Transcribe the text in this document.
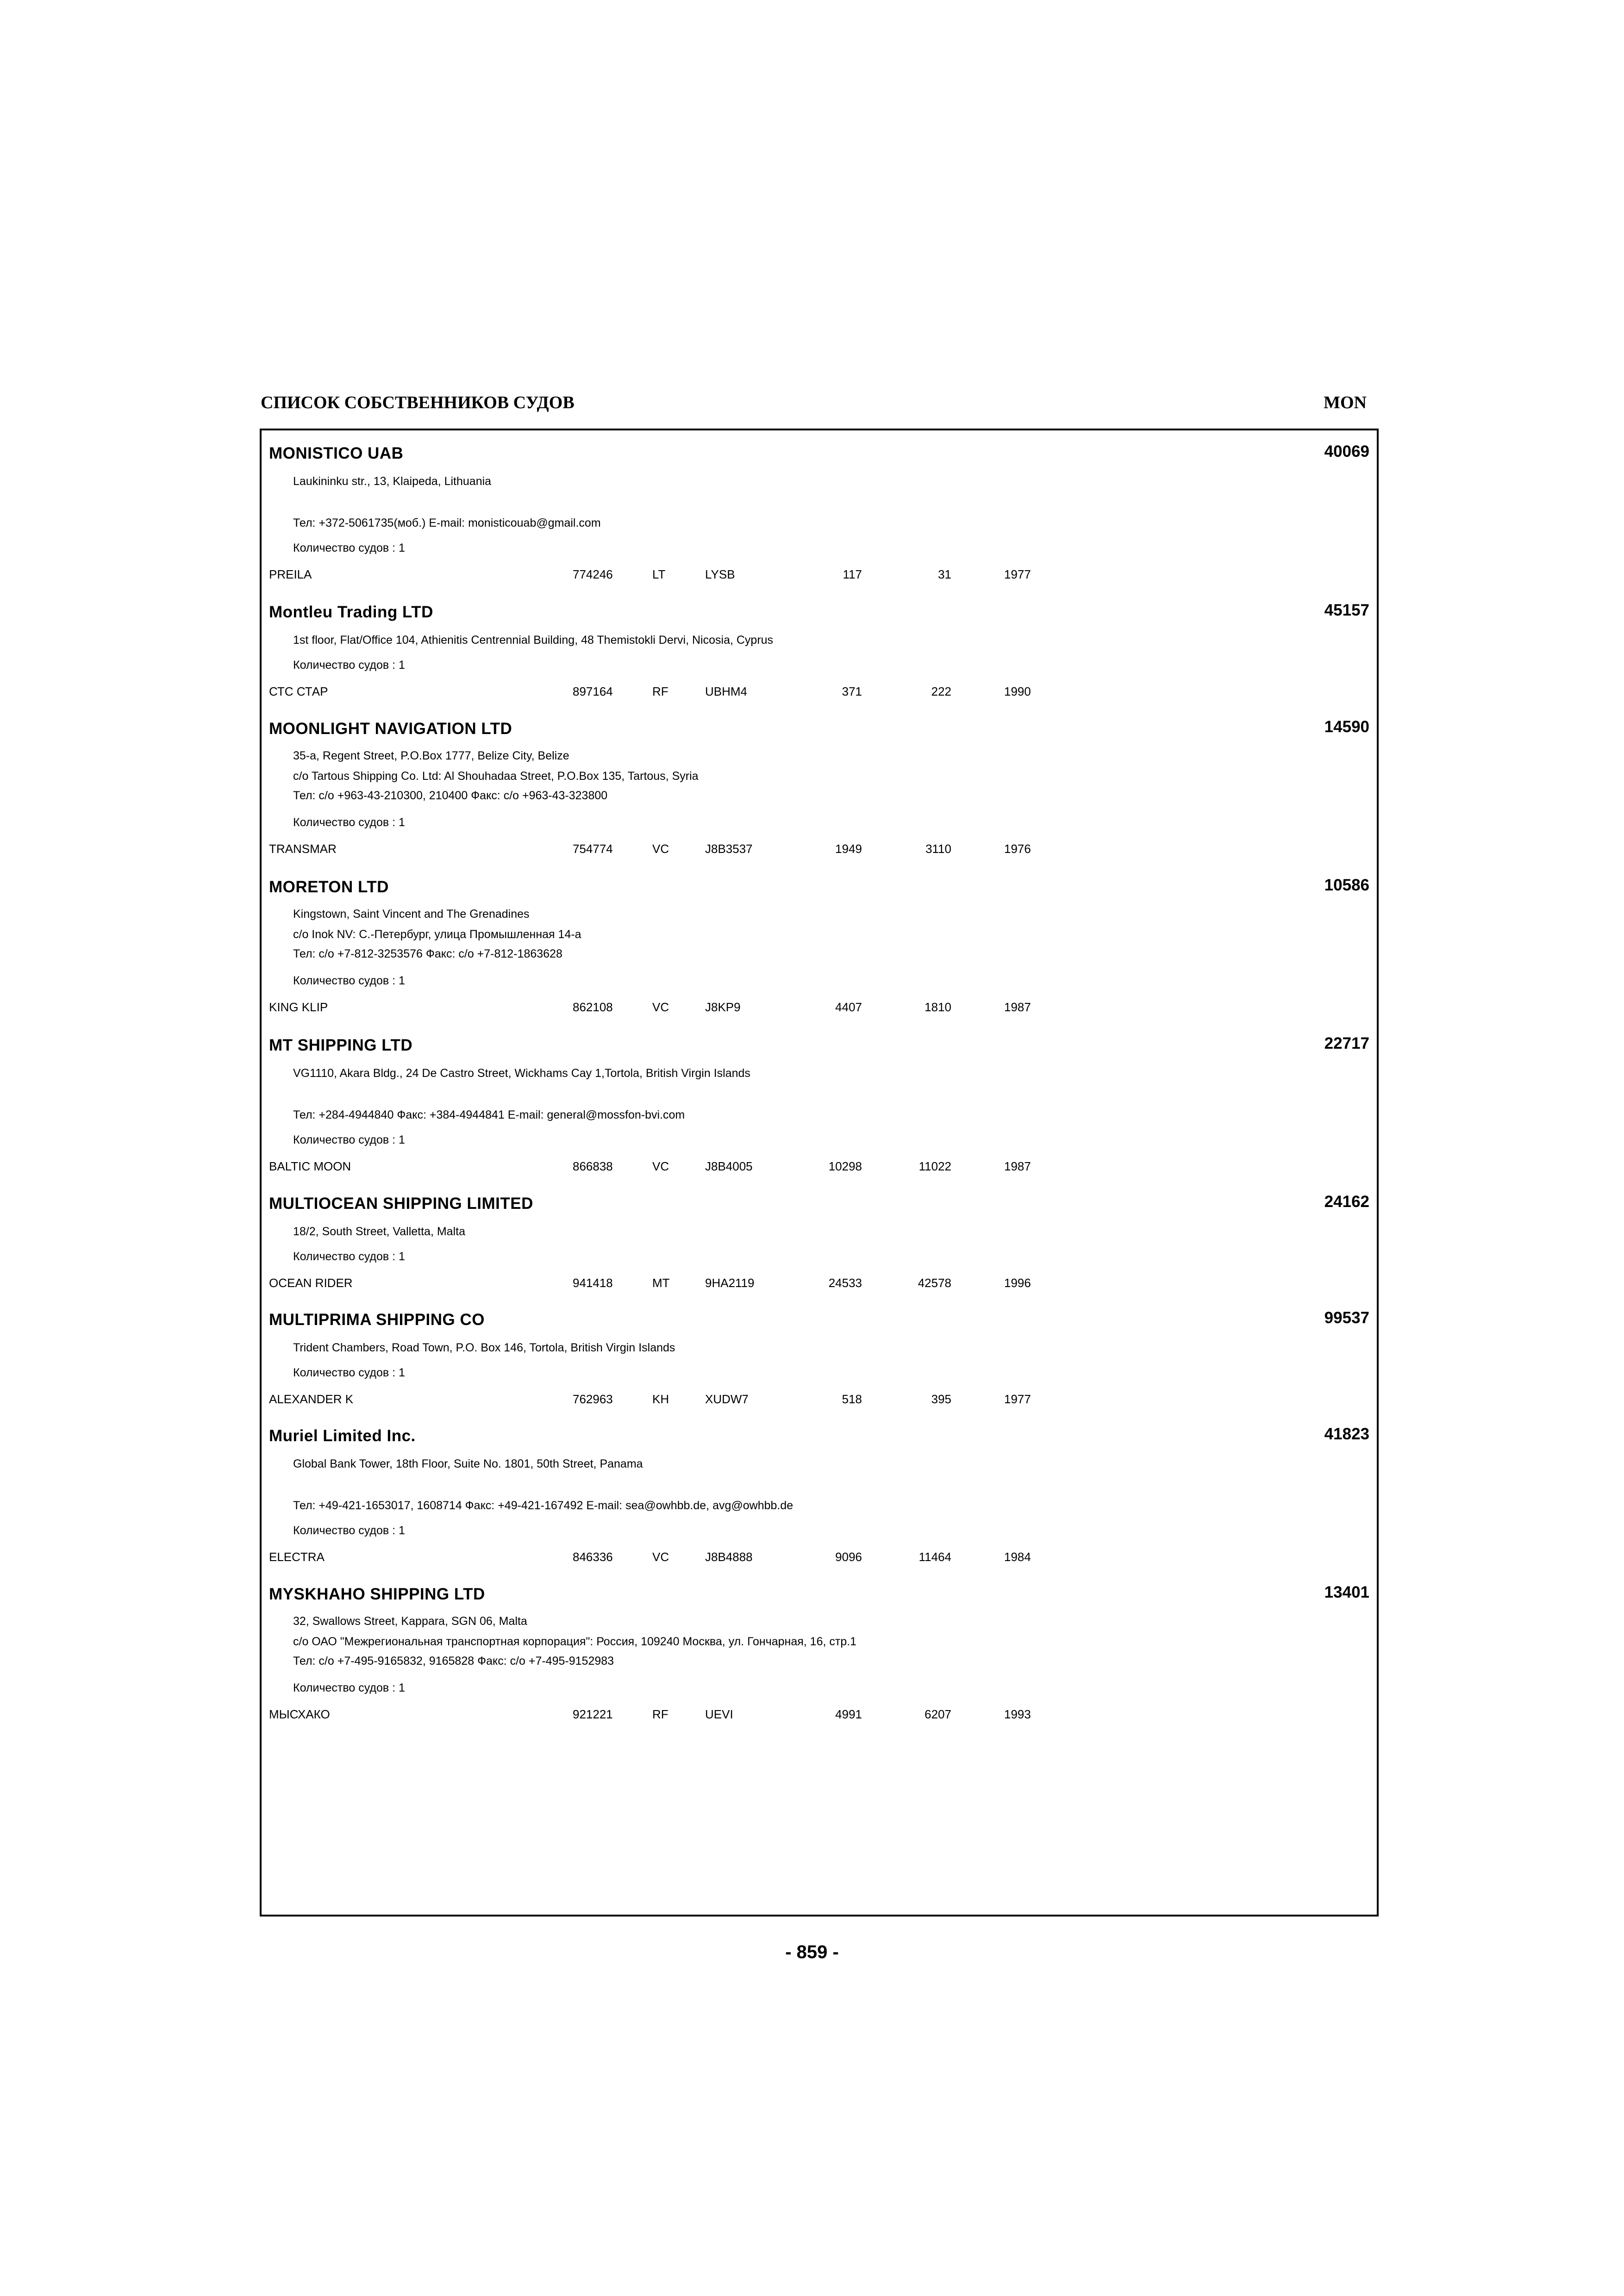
СПИСОК СОБСТВЕННИКОВ СУДОВ	MON
MONISTICO UAB	40069
Laukininku str., 13, Klaipeda, Lithuania
Тел: +372-5061735(моб.) E-mail: monisticouab@gmail.com
Количество судов : 1
PREILA	774246	LT	LYSB	117	31	1977
Montleu Trading LTD	45157
1st floor, Flat/Office 104, Athienitis Centrennial Building, 48 Themistokli Dervi, Nicosia, Cyprus
Количество судов : 1
СТС СТАР	897164	RF	UBHM4	371	222	1990
MOONLIGHT NAVIGATION LTD	14590
35-a, Regent Street, P.O.Box 1777, Belize City, Belize
c/o Tartous Shipping Co. Ltd: Al Shouhadaa Street, P.O.Box 135, Tartous, Syria
Тел: c/o +963-43-210300, 210400 Факс: c/o +963-43-323800
Количество судов : 1
TRANSMAR	754774	VC	J8B3537	1949	3110	1976
MORETON LTD	10586
Kingstown, Saint Vincent and The Grenadines
c/o Inok NV: С.-Петербург, улица Промышленная 14-а
Тел: c/o +7-812-3253576 Факс: c/o +7-812-1863628
Количество судов : 1
KING KLIP	862108	VC	J8KP9	4407	1810	1987
MT SHIPPING LTD	22717
VG1110, Akara Bldg., 24 De Castro Street, Wickhams Cay 1,Tortola, British Virgin Islands
Тел: +284-4944840 Факс: +384-4944841 E-mail: general@mossfon-bvi.com
Количество судов : 1
BALTIC MOON	866838	VC	J8B4005	10298	11022	1987
MULTIOCEAN SHIPPING LIMITED	24162
18/2, South Street, Valletta, Malta
Количество судов : 1
OCEAN RIDER	941418	MT	9HA2119	24533	42578	1996
MULTIPRIMA SHIPPING CO	99537
Trident Chambers, Road Town, P.O. Box 146, Tortola, British Virgin Islands
Количество судов : 1
ALEXANDER K	762963	KH	XUDW7	518	395	1977
Muriel Limited Inc.	41823
Global Bank Tower, 18th Floor, Suite No. 1801, 50th Street, Panama
Тел: +49-421-1653017, 1608714 Факс: +49-421-167492 E-mail: sea@owhbb.de, avg@owhbb.de
Количество судов : 1
ELECTRA	846336	VC	J8B4888	9096	11464	1984
MYSKHAHO SHIPPING LTD	13401
32, Swallows Street, Kappara, SGN 06, Malta
c/o ОАО "Межрегиональная транспортная корпорация": Россия, 109240 Москва, ул. Гончарная, 16, стр.1
Тел: c/o +7-495-9165832, 9165828 Факс: c/o +7-495-9152983
Количество судов : 1
МЫСХАКО	921221	RF	UEVI	4991	6207	1993
- 859 -
